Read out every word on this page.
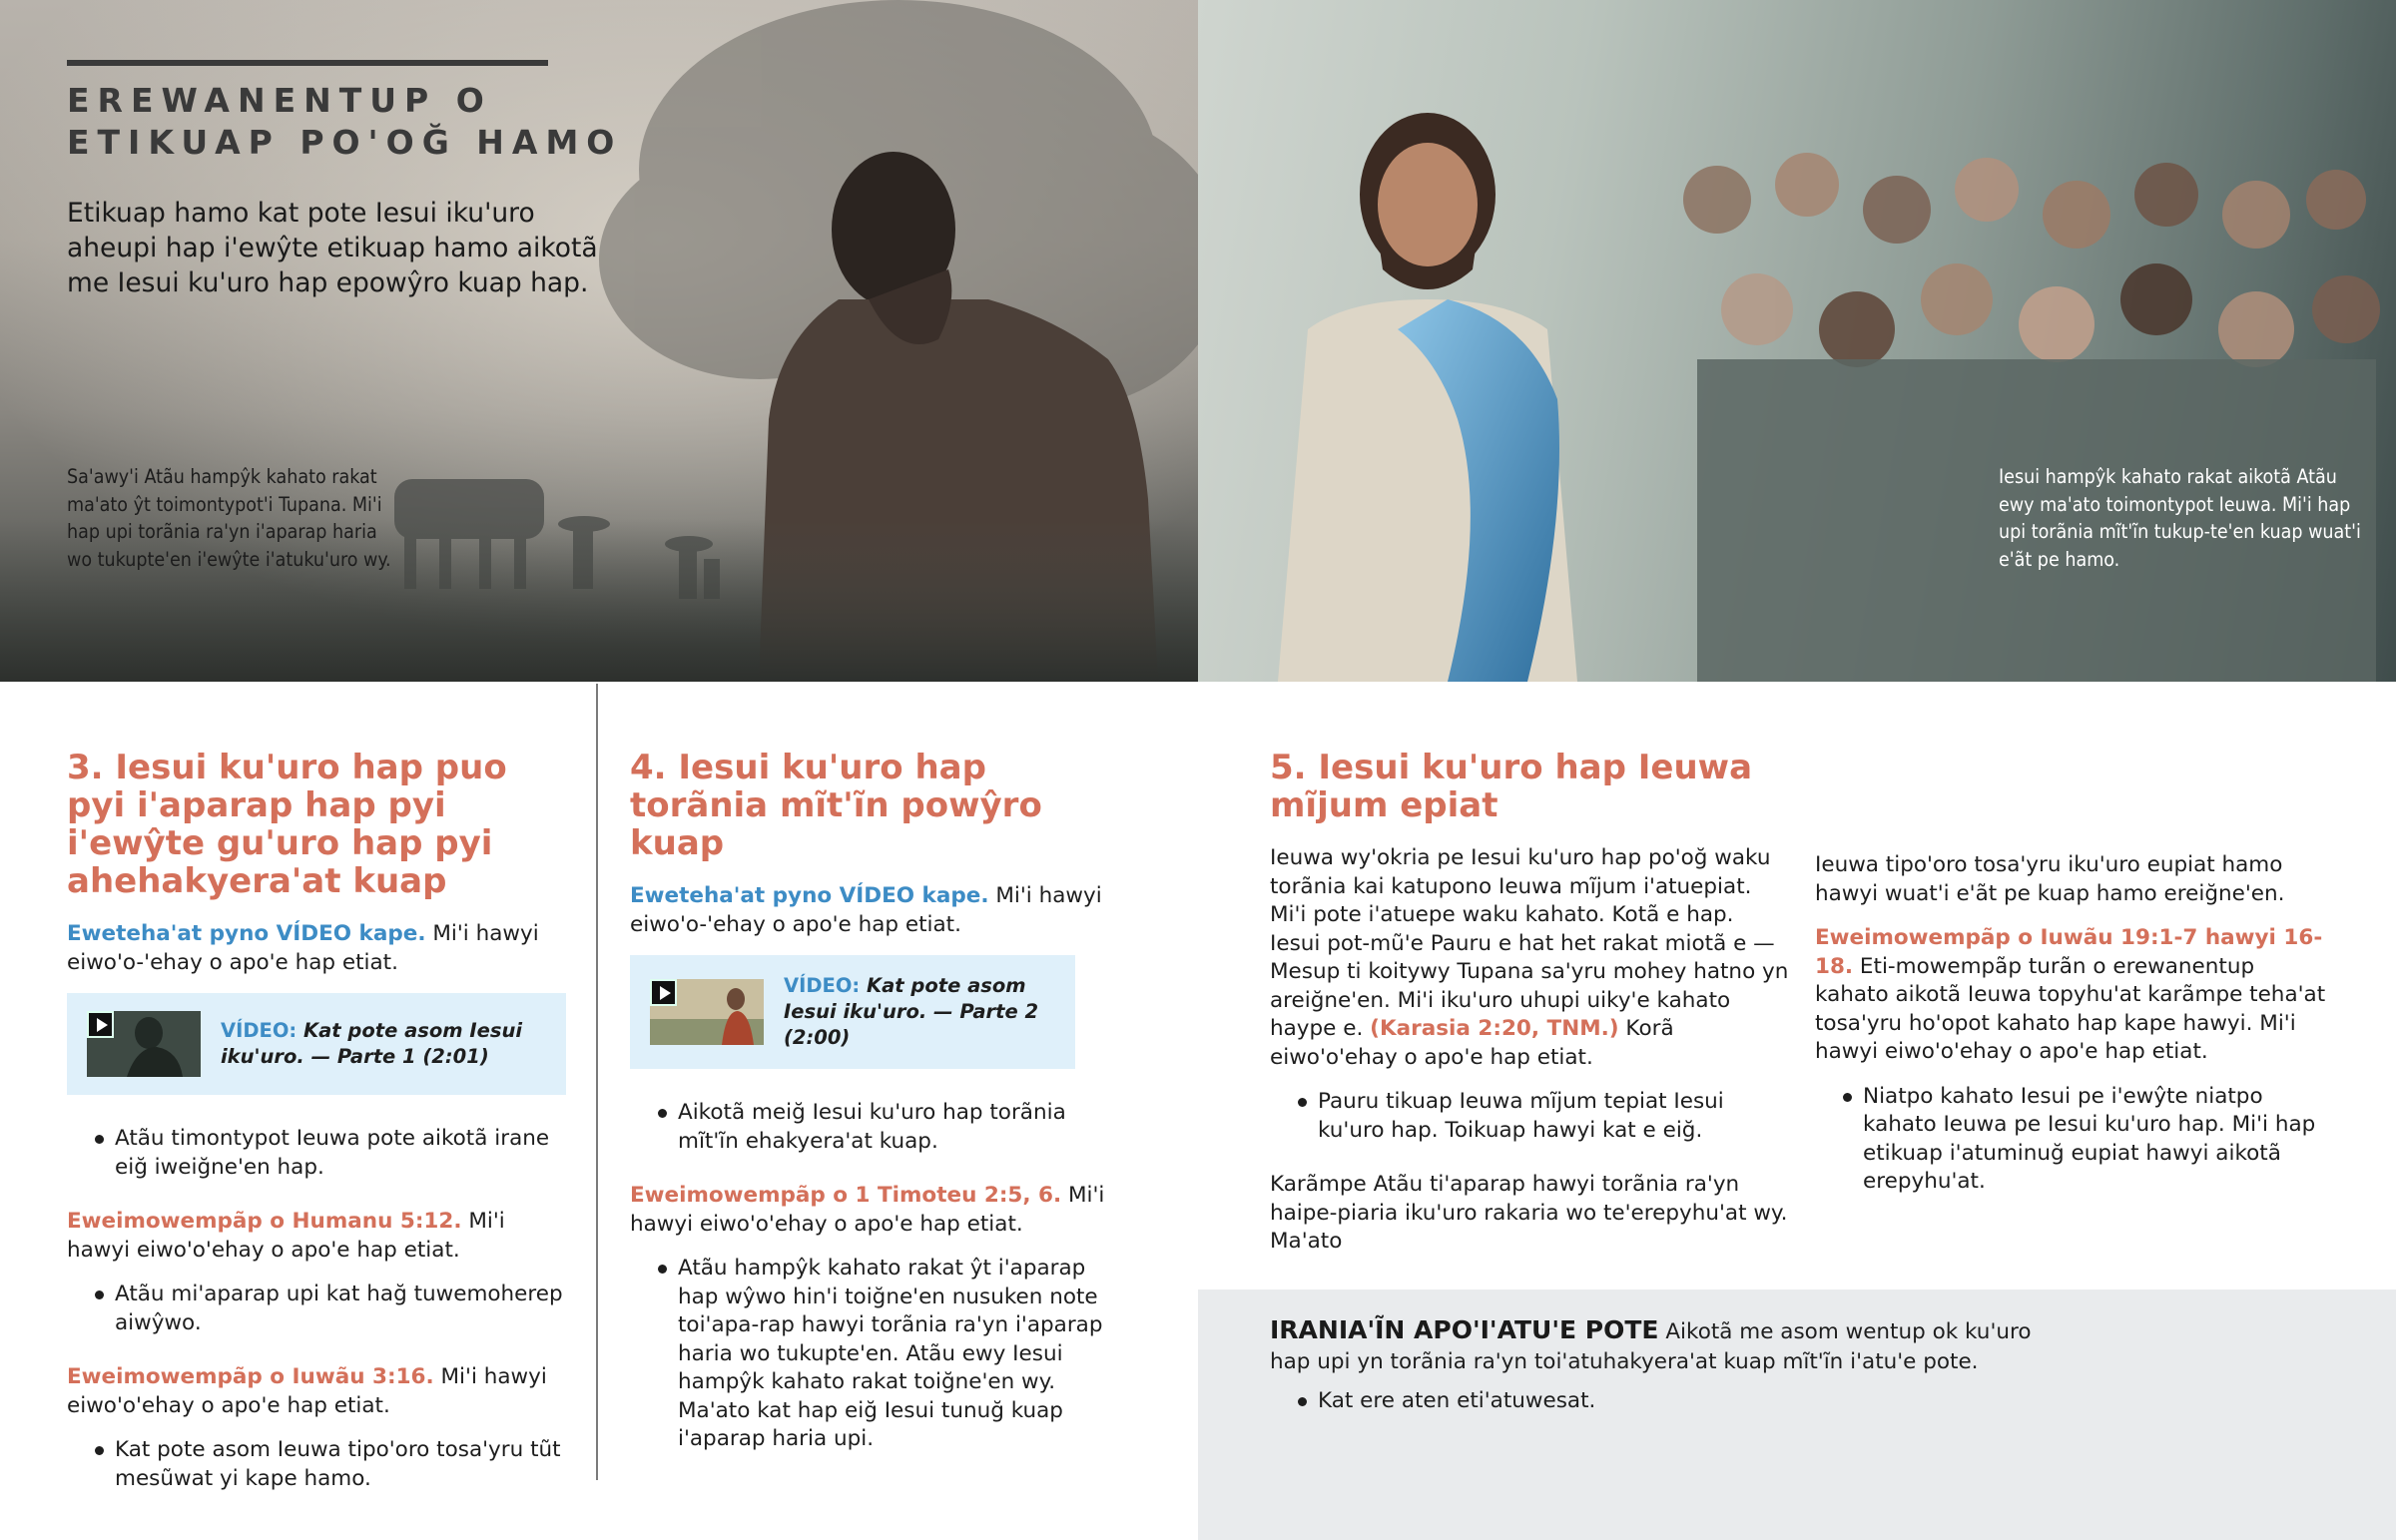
EREWANENTUP O
ETIKUAP PO'OĞ HAMO

Etikuap hamo kat pote Iesui iku'uro aheupi hap i'ewŷte etikuap hamo aikotã me Iesui ku'uro hap epowŷro kuap hap.

Sa'awy'i Atãu hampŷk kahato rakat ma'ato ŷt toimontypot'i Tupana. Mi'i hap upi torãnia ra'yn i'aparap haria wo tukupte'en i'ewŷte i'atuku'uro wy.

Iesui hampŷk kahato rakat aikotã Atãu ewy ma'ato toimontypot Ieuwa. Mi'i hap upi torãnia mĩt'ĩn tukup-te'en kuap wuat'i e'ãt pe hamo.

3. Iesui ku'uro hap puo pyi i'aparap hap pyi i'ewŷte gu'uro hap pyi ahehakyera'at kuap

Eweteha'at pyno VÍDEO kape. Mi'i hawyi eiwo'o-'ehay o apo'e hap etiat.

VÍDEO: Kat pote asom Iesui iku'uro. — Parte 1 (2:01)
Atãu timontypot Ieuwa pote aikotã irane eiğ iweiğne'en hap.

Eweimowempãp o Humanu 5:12. Mi'i hawyi eiwo'o'ehay o apo'e hap etiat.

Atãu mi'aparap upi kat hağ tuwemoherep aiwŷwo.

Eweimowempãp o Iuwãu 3:16. Mi'i hawyi eiwo'o'ehay o apo'e hap etiat.

Kat pote asom Ieuwa tipo'oro tosa'yru tũt mesũwat yi kape hamo.
4. Iesui ku'uro hap torãnia mĩt'ĩn powŷro kuap

Eweteha'at pyno VÍDEO kape. Mi'i hawyi eiwo'o-'ehay o apo'e hap etiat.

VÍDEO: Kat pote asom Iesui iku'uro. — Parte 2 (2:00)
Aikotã meiğ Iesui ku'uro hap torãnia mĩt'ĩn ehakyera'at kuap.

Eweimowempãp o 1 Timoteu 2:5, 6. Mi'i hawyi eiwo'o'ehay o apo'e hap etiat.

Atãu hampŷk kahato rakat ŷt i'aparap hap wŷwo hin'i toiğne'en nusuken note toi'apa-rap hawyi torãnia ra'yn i'aparap haria wo tukupte'en. Atãu ewy Iesui hampŷk kahato rakat toiğne'en wy. Ma'ato kat hap eiğ Iesui tunuğ kuap i'aparap haria upi.
5. Iesui ku'uro hap Ieuwa mĩjum epiat

Ieuwa wy'okria pe Iesui ku'uro hap po'oğ waku torãnia kai katupono Ieuwa mĩjum i'atuepiat. Mi'i pote i'atuepe waku kahato. Kotã e hap. Iesui pot-mũ'e Pauru e hat het rakat miotã e — Mesup ti koitywy Tupana sa'yru mohey hatno yn areiğne'en. Mi'i iku'uro uhupi uiky'e kahato haype e. (Karasia 2:20, TNM.) Korã eiwo'o'ehay o apo'e hap etiat.

Pauru tikuap Ieuwa mĩjum tepiat Iesui ku'uro hap. Toikuap hawyi kat e eiğ.

Karãmpe Atãu ti'aparap hawyi torãnia ra'yn haipe-piaria iku'uro rakaria wo te'erepyhu'at wy. Ma'ato

Ieuwa tipo'oro tosa'yru iku'uro eupiat hamo hawyi wuat'i e'ãt pe kuap hamo ereiğne'en.

Eweimowempãp o Iuwãu 19:1-7 hawyi 16-18. Eti-mowempãp turãn o erewanentup kahato aikotã Ieuwa topyhu'at karãmpe teha'at tosa'yru ho'opot kahato hap kape hawyi. Mi'i hawyi eiwo'o'ehay o apo'e hap etiat.

Niatpo kahato Iesui pe i'ewŷte niatpo kahato Ieuwa pe Iesui ku'uro hap. Mi'i hap etikuap i'atuminuğ eupiat hawyi aikotã erepyhu'at.

IRANIA'ĨN APO'I'ATU'E POTE Aikotã me asom wentup ok ku'uro hap upi yn torãnia ra'yn toi'atuhakyera'at kuap mĩt'ĩn i'atu'e pote.

Kat ere aten eti'atuwesat.
